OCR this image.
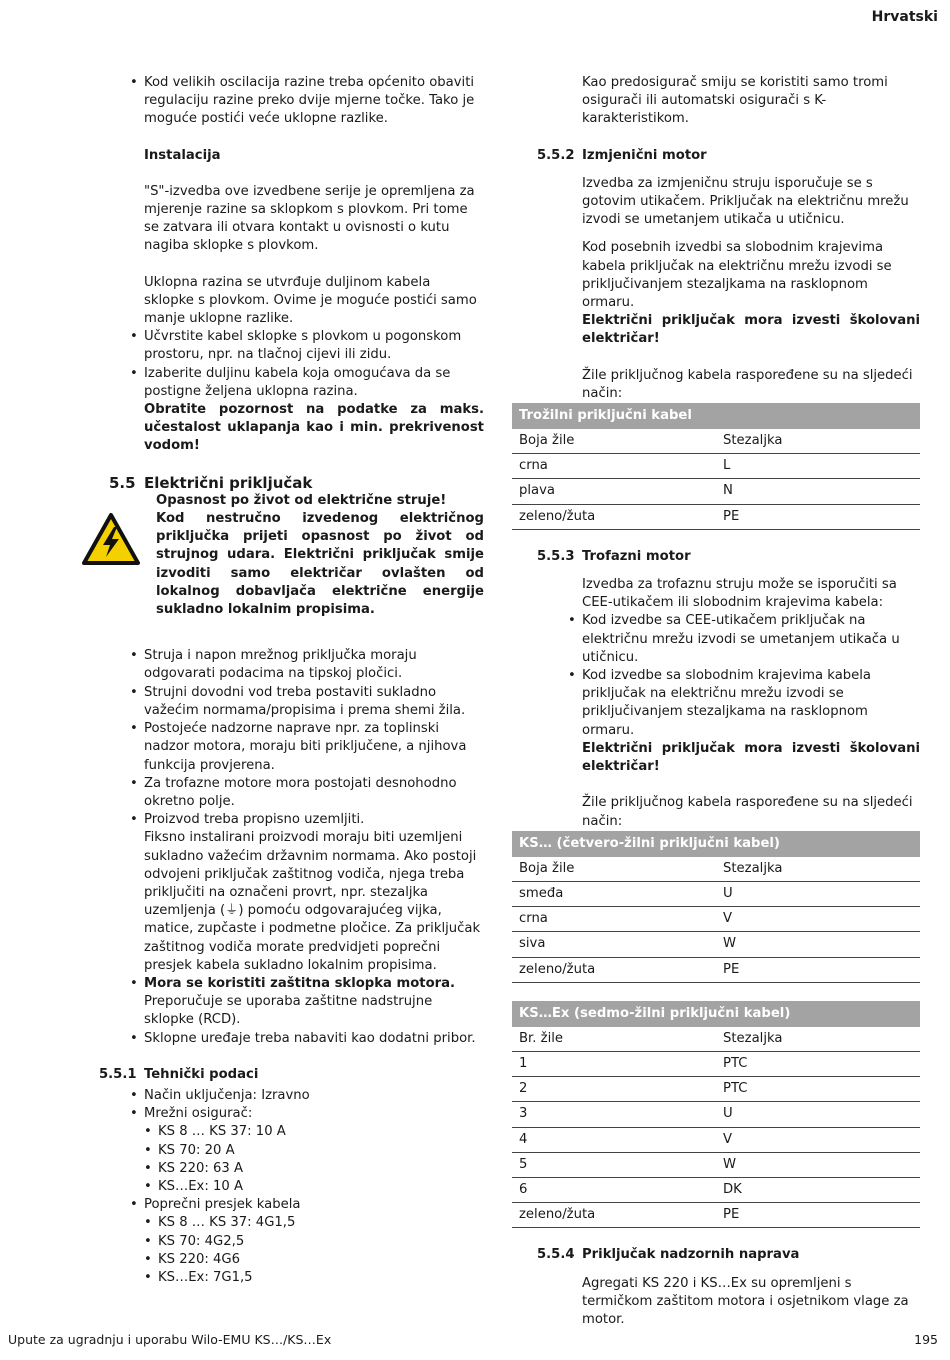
Hrvatski
• Kod velikih oscilacija razine treba općenito obaviti regulaciju razine preko dvije mjerne točke. Tako je moguće postići veće uklopne razlike.

Instalacija

"S"-izvedba ove izvedbene serije je opremljena za mjerenje razine sa sklopkom s plovkom. Pri tome se zatvara ili otvara kontakt u ovisnosti o kutu nagiba sklopke s plovkom.

Uklopna razina se utvrđuje duljinom kabela sklopke s plovkom. Ovime je moguće postići samo manje uklopne razlike.

• Učvrstite kabel sklopke s plovkom u pogonskom prostoru, npr. na tlačnoj cijevi ili zidu.
• Izaberite duljinu kabela koja omogućava da se postigne željena uklopna razina.
Obratite pozornost na podatke za maks. učestalost uklapanja kao i min. prekrivenost vodom!
5.5 Električni priključak
Opasnost po život od električne struje!
Kod nestručno izvedenog električnog priključka prijeti opasnost po život od strujnog udara. Električni priključak smije izvoditi samo električar ovlašten od lokalnog dobavljača električne energije sukladno lokalnim propisima.
• Struja i napon mrežnog priključka moraju odgovarati podacima na tipskoj pločici.
• Strujni dovodni vod treba postaviti sukladno važećim normama/propisima i prema shemi žila.
• Postojeće nadzorne naprave npr. za toplinski nadzor motora, moraju biti priključene, a njihova funkcija provjerena.
• Za trofazne motore mora postojati desnohodno okretno polje.
• Proizvod treba propisno uzemljiti.
Fiksno instalirani proizvodi moraju biti uzemljeni sukladno važećim državnim normama. Ako postoji odvojeni priključak zaštitnog vodiča, njega treba priključiti na označeni provrt, npr. stezaljka uzemljenja (⏚) pomoću odgovarajućeg vijka, matice, zupčaste i podmetne pločice. Za priključak zaštitnog vodiča morate predvidjeti poprečni presjek kabela sukladno lokalnim propisima.
• Mora se koristiti zaštitna sklopka motora.
Preporučuje se uporaba zaštitne nadstrujne sklopke (RCD).
• Sklopne uređaje treba nabaviti kao dodatni pribor.
5.5.1 Tehnički podaci
• Način uključenja: Izravno
• Mrežni osigurač:
• KS 8 … KS 37: 10 A
• KS 70: 20 A
• KS 220: 63 A
• KS…Ex: 10 A
• Poprečni presjek kabela
• KS 8 … KS 37: 4G1,5
• KS 70: 4G2,5
• KS 220: 4G6
• KS…Ex: 7G1,5

Kao predosigurač smiju se koristiti samo tromi osigurači ili automatski osigurači s K-karakteristikom.

5.5.2 Izmjenični motor

Izvedba za izmjeničnu struju isporučuje se s gotovim utikačem. Priključak na električnu mrežu izvodi se umetanjem utikača u utičnicu.

Kod posebnih izvedbi sa slobodnim krajevima kabela priključak na električnu mrežu izvodi se priključivanjem stezaljkama na rasklopnom ormaru.

Električni priključak mora izvesti školovani električar!

Žile priključnog kabela raspoređene su na sljedeći način:

Trožilni priključni kabel	
Boja žile	Stezaljka
crna	L
plava	N
zeleno/žuta	PE
5.5.3 Trofazni motor

Izvedba za trofaznu struju može se isporučiti sa CEE-utikačem ili slobodnim krajevima kabela:

• Kod izvedbe sa CEE-utikačem priključak na električnu mrežu izvodi se umetanjem utikača u utičnicu.
• Kod izvedbe sa slobodnim krajevima kabela priključak na električnu mrežu izvodi se priključivanjem stezaljkama na rasklopnom ormaru.

Električni priključak mora izvesti školovani električar!

Žile priključnog kabela raspoređene su na sljedeći način:

KS… (četvero-žilni priključni kabel)	
Boja žile	Stezaljka
smeđa	U
crna	V
siva	W
zeleno/žuta	PE
KS…Ex (sedmo-žilni priključni kabel)	
Br. žile	Stezaljka
1	PTC
2	PTC
3	U
4	V
5	W
6	DK
zeleno/žuta	PE
5.5.4 Priključak nadzornih naprava

Agregati KS 220 i KS…Ex su opremljeni s termičkom zaštitom motora i osjetnikom vlage za motor.

Upute za ugradnju i uporabu Wilo-EMU KS…/KS…Ex	195
